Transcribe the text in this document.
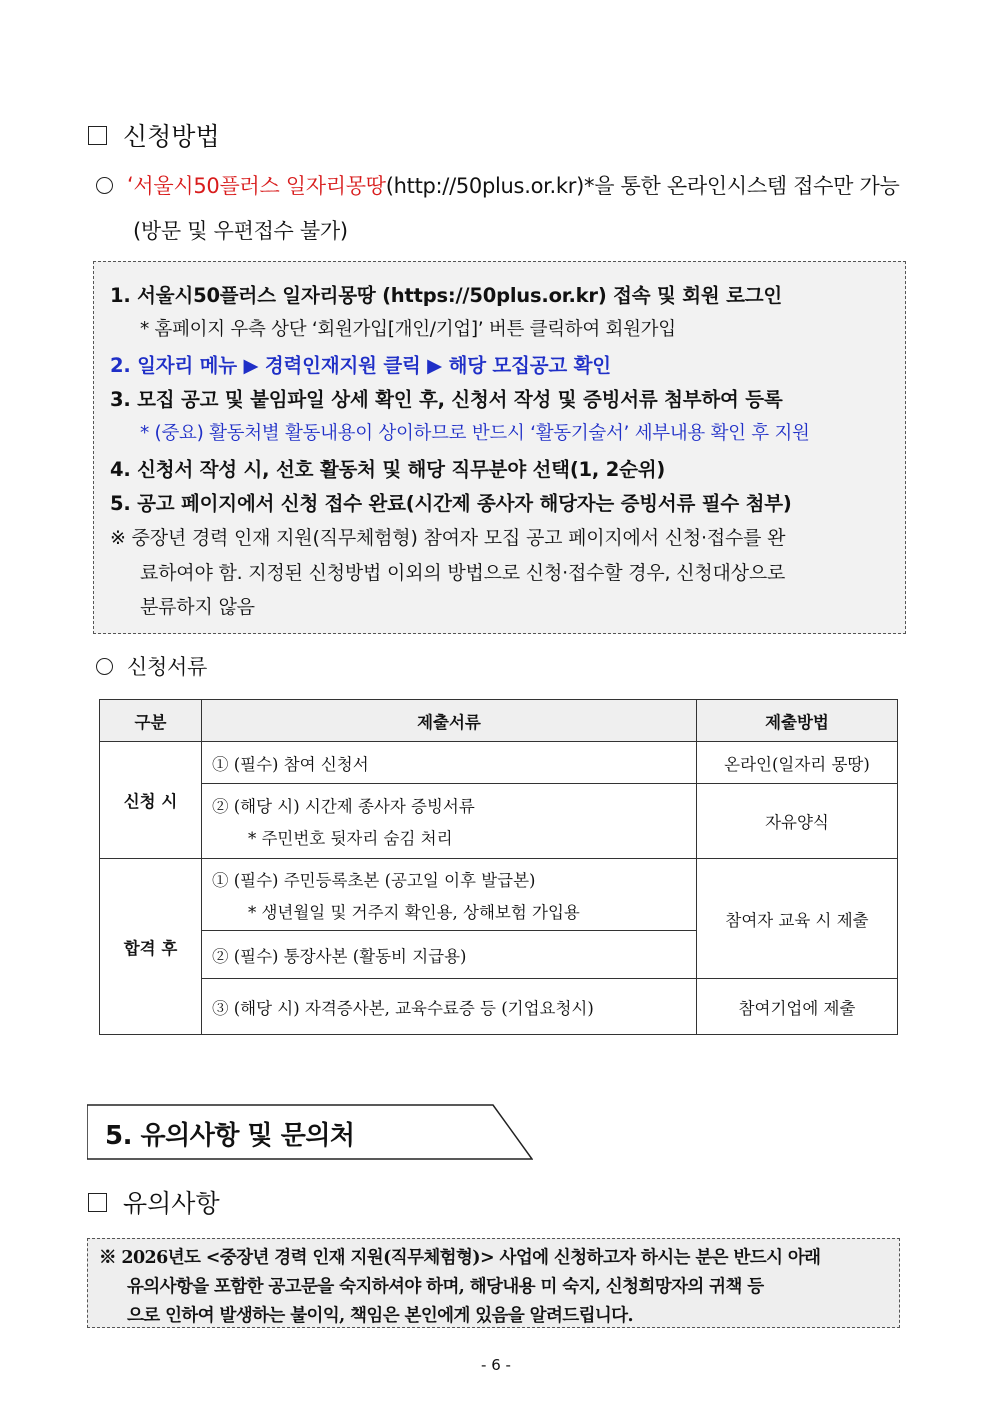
신청방법
‘ 서울시50플러스 일자리몽땅 (http://50plus.or.kr)*을 통한 온라인시스템 접수만 가능
(방문 및 우편접수 불가)
1. 서울시50플러스 일자리몽땅 (https://50plus.or.kr) 접속 및 회원 로그인
* 홈페이지 우측 상단 ‘회원가입[개인/기업]’ 버튼 클릭하여 회원가입
2. 일자리 메뉴 ▶ 경력인재지원 클릭 ▶ 해당 모집공고 확인
3. 모집 공고 및 붙임파일 상세 확인 후, 신청서 작성 및 증빙서류 첨부하여 등록
* (중요) 활동처별 활동내용이 상이하므로 반드시 ‘활동기술서’ 세부내용 확인 후 지원
4. 신청서 작성 시, 선호 활동처 및 해당 직무분야 선택(1, 2순위)
5. 공고 페이지에서 신청 접수 완료(시간제 종사자 해당자는 증빙서류 필수 첨부)
※ 중장년 경력 인재 지원(직무체험형) 참여자 모집 공고 페이지에서 신청·접수를 완
료하여야 함. 지정된 신청방법 이외의 방법으로 신청·접수할 경우, 신청대상으로
분류하지 않음
신청서류
구분	제출서류	제출방법
신청 시	① (필수) 참여 신청서	온라인(일자리 몽땅)

	② (해당 시) 시간제 종사자 증빙서류
* 주민번호 뒷자리 숨김 처리	자유양식
합격 후	① (필수) 주민등록초본 (공고일 이후 발급본)
* 생년월일 및 거주지 확인용, 상해보험 가입용	참여자 교육 시 제출
	② (필수) 통장사본 (활동비 지급용)	
	③ (해당 시) 자격증사본, 교육수료증 등 (기업요청시)	참여기업에 제출
5. 유의사항 및 문의처
유의사항
※ 2026년도 <중장년 경력 인재 지원(직무체험형)> 사업에 신청하고자 하시는 분은 반드시 아래
유의사항을 포함한 공고문을 숙지하셔야 하며, 해당내용 미 숙지, 신청희망자의 귀책 등
으로 인하여 발생하는 불이익, 책임은 본인에게 있음을 알려드립니다.
- 6 -
